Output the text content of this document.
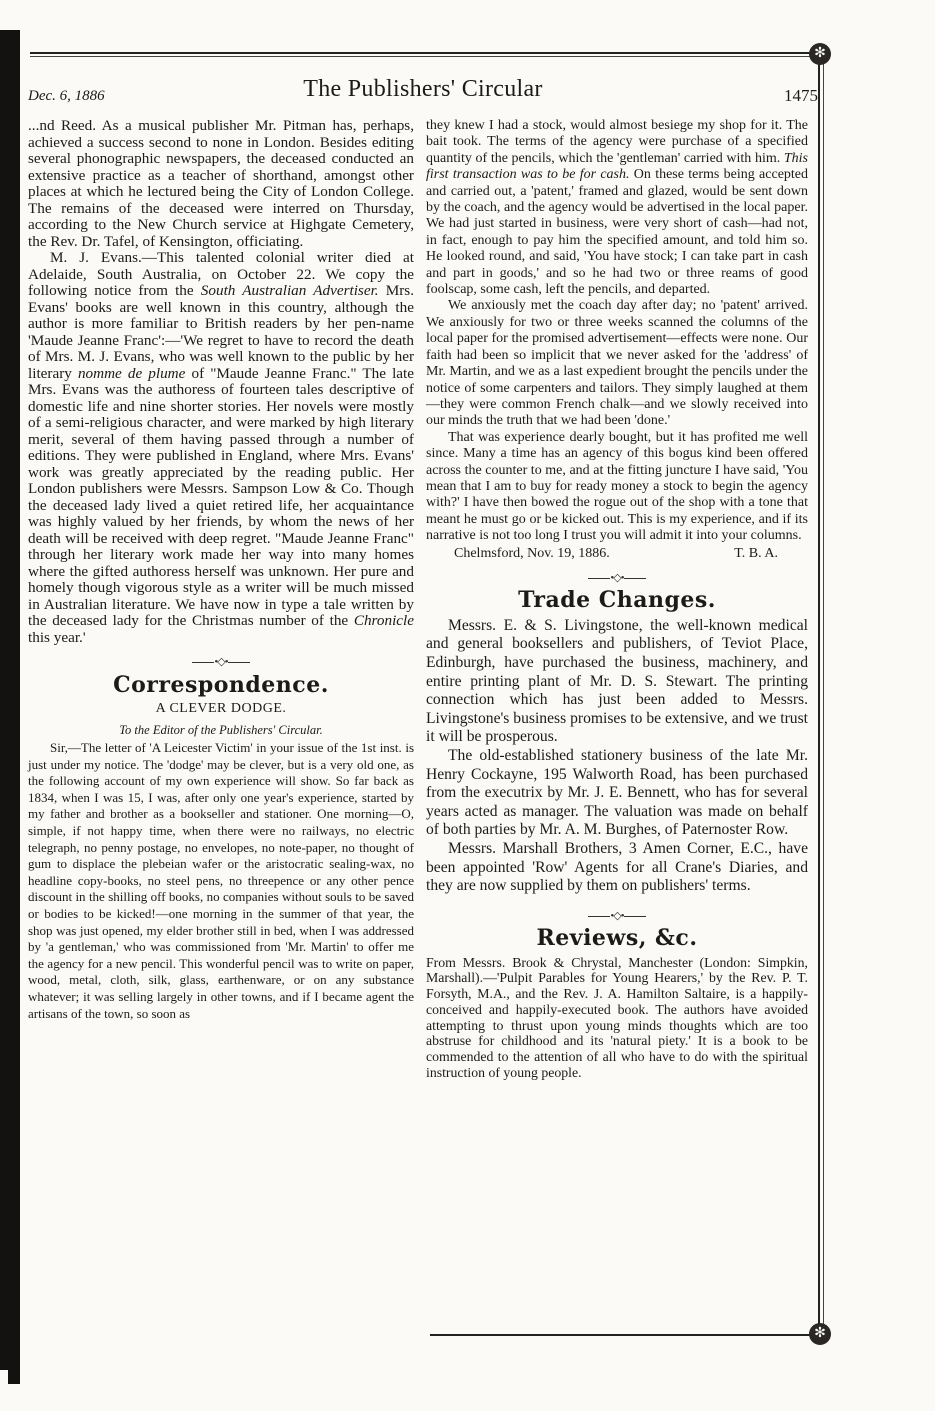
✻
✻
Dec. 6, 1886	The Publishers' Circular	1475

...nd Reed. As a musical publisher Mr. Pitman has, perhaps, achieved a success second to none in London. Besides editing several phonographic newspapers, the deceased conducted an extensive practice as a teacher of shorthand, amongst other places at which he lectured being the City of London College. The remains of the deceased were interred on Thursday, according to the New Church service at Highgate Cemetery, the Rev. Dr. Tafel, of Kensington, officiating.

M. J. Evans.—This talented colonial writer died at Adelaide, South Australia, on October 22. We copy the following notice from the South Australian Advertiser. Mrs. Evans' books are well known in this country, although the author is more familiar to British readers by her pen-name 'Maude Jeanne Franc':—'We regret to have to record the death of Mrs. M. J. Evans, who was well known to the public by her literary nomme de plume of "Maude Jeanne Franc." The late Mrs. Evans was the authoress of fourteen tales descriptive of domestic life and nine shorter stories. Her novels were mostly of a semi-religious character, and were marked by high literary merit, several of them having passed through a number of editions. They were published in England, where Mrs. Evans' work was greatly appreciated by the reading public. Her London publishers were Messrs. Sampson Low & Co. Though the deceased lady lived a quiet retired life, her acquaintance was highly valued by her friends, by whom the news of her death will be received with deep regret. "Maude Jeanne Franc" through her literary work made her way into many homes where the gifted authoress herself was unknown. Her pure and homely though vigorous style as a writer will be much missed in Australian literature. We have now in type a tale written by the deceased lady for the Christmas number of the Chronicle this year.'

•◇•
Correspondence.
A CLEVER DODGE.
To the Editor of the Publishers' Circular.

Sir,—The letter of 'A Leicester Victim' in your issue of the 1st inst. is just under my notice. The 'dodge' may be clever, but is a very old one, as the following account of my own experience will show. So far back as 1834, when I was 15, I was, after only one year's experience, started by my father and brother as a bookseller and stationer. One morning—O, simple, if not happy time, when there were no railways, no electric telegraph, no penny postage, no envelopes, no note-paper, no thought of gum to displace the plebeian wafer or the aristocratic sealing-wax, no headline copy-books, no steel pens, no threepence or any other pence discount in the shilling off books, no companies without souls to be saved or bodies to be kicked!—one morning in the summer of that year, the shop was just opened, my elder brother still in bed, when I was addressed by 'a gentleman,' who was commissioned from 'Mr. Martin' to offer me the agency for a new pencil. This wonderful pencil was to write on paper, wood, metal, cloth, silk, glass, earthenware, or on any substance whatever; it was selling largely in other towns, and if I became agent the artisans of the town, so soon as

they knew I had a stock, would almost besiege my shop for it. The bait took. The terms of the agency were purchase of a specified quantity of the pencils, which the 'gentleman' carried with him. This first transaction was to be for cash. On these terms being accepted and carried out, a 'patent,' framed and glazed, would be sent down by the coach, and the agency would be advertised in the local paper. We had just started in business, were very short of cash—had not, in fact, enough to pay him the specified amount, and told him so. He looked round, and said, 'You have stock; I can take part in cash and part in goods,' and so he had two or three reams of good foolscap, some cash, left the pencils, and departed.

We anxiously met the coach day after day; no 'patent' arrived. We anxiously for two or three weeks scanned the columns of the local paper for the promised advertisement—effects were none. Our faith had been so implicit that we never asked for the 'address' of Mr. Martin, and we as a last expedient brought the pencils under the notice of some carpenters and tailors. They simply laughed at them—they were common French chalk—and we slowly received into our minds the truth that we had been 'done.'

That was experience dearly bought, but it has profited me well since. Many a time has an agency of this bogus kind been offered across the counter to me, and at the fitting juncture I have said, 'You mean that I am to buy for ready money a stock to begin the agency with?' I have then bowed the rogue out of the shop with a tone that meant he must go or be kicked out. This is my experience, and if its narrative is not too long I trust you will admit it into your columns.

Chelmsford, Nov. 19, 1886.	T. B. A.
•◇•
Trade Changes.

Messrs. E. & S. Livingstone, the well-known medical and general booksellers and publishers, of Teviot Place, Edinburgh, have purchased the business, machinery, and entire printing plant of Mr. D. S. Stewart. The printing connection which has just been added to Messrs. Livingstone's business promises to be extensive, and we trust it will be prosperous.

The old-established stationery business of the late Mr. Henry Cockayne, 195 Walworth Road, has been purchased from the executrix by Mr. J. E. Bennett, who has for several years acted as manager. The valuation was made on behalf of both parties by Mr. A. M. Burghes, of Paternoster Row.

Messrs. Marshall Brothers, 3 Amen Corner, E.C., have been appointed 'Row' Agents for all Crane's Diaries, and they are now supplied by them on publishers' terms.

•◇•
Reviews, &c.

From Messrs. Brook & Chrystal, Manchester (London: Simpkin, Marshall).—'Pulpit Parables for Young Hearers,' by the Rev. P. T. Forsyth, M.A., and the Rev. J. A. Hamilton Saltaire, is a happily-conceived and happily-executed book. The authors have avoided attempting to thrust upon young minds thoughts which are too abstruse for childhood and its 'natural piety.' It is a book to be commended to the attention of all who have to do with the spiritual instruction of young people.
